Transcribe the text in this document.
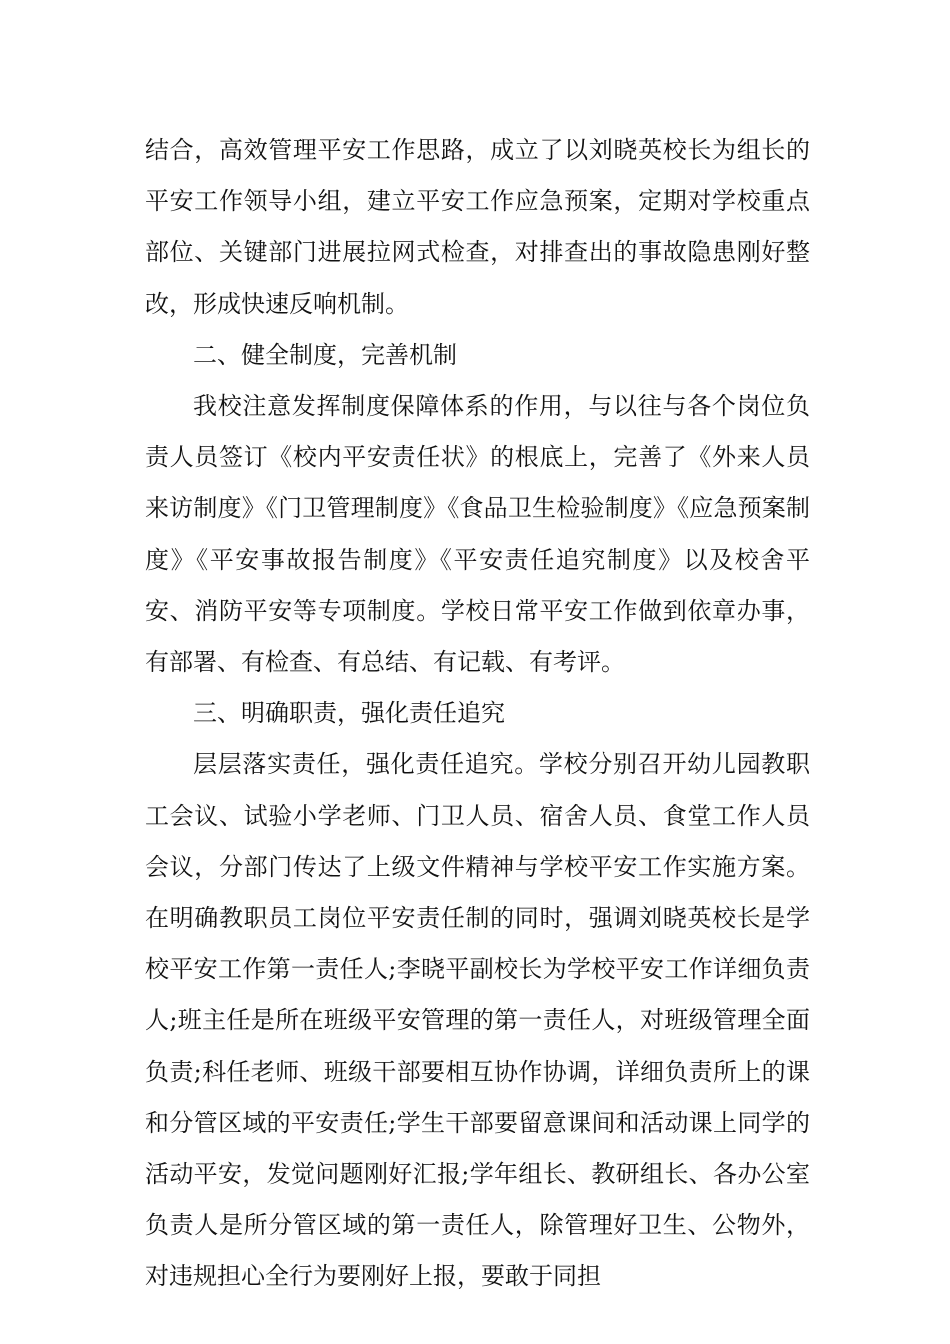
结合，高效管理平安工作思路，成立了以刘晓英校长为组长的平安工作领导小组，建立平安工作应急预案，定期对学校重点部位、关键部门进展拉网式检查，对排查出的事故隐患刚好整改，形成快速反响机制。

二、健全制度，完善机制

我校注意发挥制度保障体系的作用，与以往与各个岗位负责人员签订《校内平安责任状》的根底上，完善了《外来人员来访制度》《门卫管理制度》《食品卫生检验制度》《应急预案制度》《平安事故报告制度》《平安责任追究制度》以及校舍平安、消防平安等专项制度。学校日常平安工作做到依章办事，有部署、有检查、有总结、有记载、有考评。

三、明确职责，强化责任追究

层层落实责任，强化责任追究。学校分别召开幼儿园教职工会议、试验小学老师、门卫人员、宿舍人员、食堂工作人员会议，分部门传达了上级文件精神与学校平安工作实施方案。在明确教职员工岗位平安责任制的同时，强调刘晓英校长是学校平安工作第一责任人;李晓平副校长为学校平安工作详细负责人;班主任是所在班级平安管理的第一责任人，对班级管理全面负责;科任老师、班级干部要相互协作协调，详细负责所上的课和分管区域的平安责任;学生干部要留意课间和活动课上同学的活动平安，发觉问题刚好汇报;学年组长、教研组长、各办公室负责人是所分管区域的第一责任人，除管理好卫生、公物外，对违规担心全行为要刚好上报，要敢于同担
